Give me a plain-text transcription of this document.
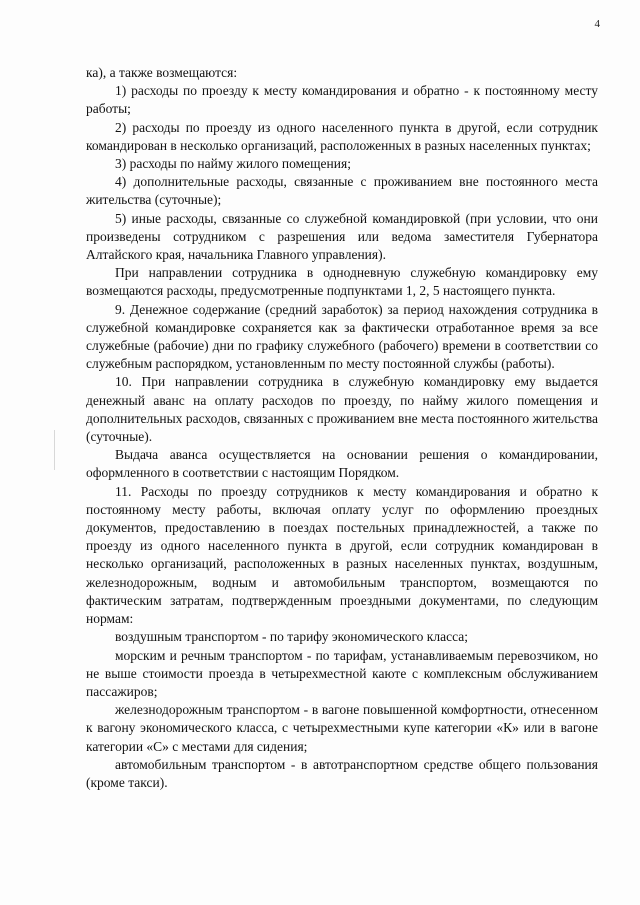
4

ка), а также возмещаются:

1) расходы по проезду к месту командирования и обратно - к постоянному месту работы;

2) расходы по проезду из одного населенного пункта в другой, если сотрудник командирован в несколько организаций, расположенных в разных населенных пунктах;

3) расходы по найму жилого помещения;

4) дополнительные расходы, связанные с проживанием вне постоянного места жительства (суточные);

5) иные расходы, связанные со служебной командировкой (при условии, что они произведены сотрудником с разрешения или ведома заместителя Губернатора Алтайского края, начальника Главного управления).

При направлении сотрудника в однодневную служебную командировку ему возмещаются расходы, предусмотренные подпунктами 1, 2, 5 настоящего пункта.

9. Денежное содержание (средний заработок) за период нахождения сотрудника в служебной командировке сохраняется как за фактически отработанное время за все служебные (рабочие) дни по графику служебного (рабочего) времени в соответствии со служебным распорядком, установленным по месту постоянной службы (работы).

10. При направлении сотрудника в служебную командировку ему выдается денежный аванс на оплату расходов по проезду, по найму жилого помещения и дополнительных расходов, связанных с проживанием вне места постоянного жительства (суточные).

Выдача аванса осуществляется на основании решения о командировании, оформленного в соответствии с настоящим Порядком.

11. Расходы по проезду сотрудников к месту командирования и обратно к постоянному месту работы, включая оплату услуг по оформлению проездных документов, предоставлению в поездах постельных принадлежностей, а также по проезду из одного населенного пункта в другой, если сотрудник командирован в несколько организаций, расположенных в разных населенных пунктах, воздушным, железнодорожным, водным и автомобильным транспортом, возмещаются по фактическим затратам, подтвержденным проездными документами, по следующим нормам:

воздушным транспортом - по тарифу экономического класса;

морским и речным транспортом - по тарифам, устанавливаемым перевозчиком, но не выше стоимости проезда в четырехместной каюте с комплексным обслуживанием пассажиров;

железнодорожным транспортом - в вагоне повышенной комфортности, отнесенном к вагону экономического класса, с четырехместными купе категории «К» или в вагоне категории «С» с местами для сидения;

автомобильным транспортом - в автотранспортном средстве общего пользования (кроме такси).
